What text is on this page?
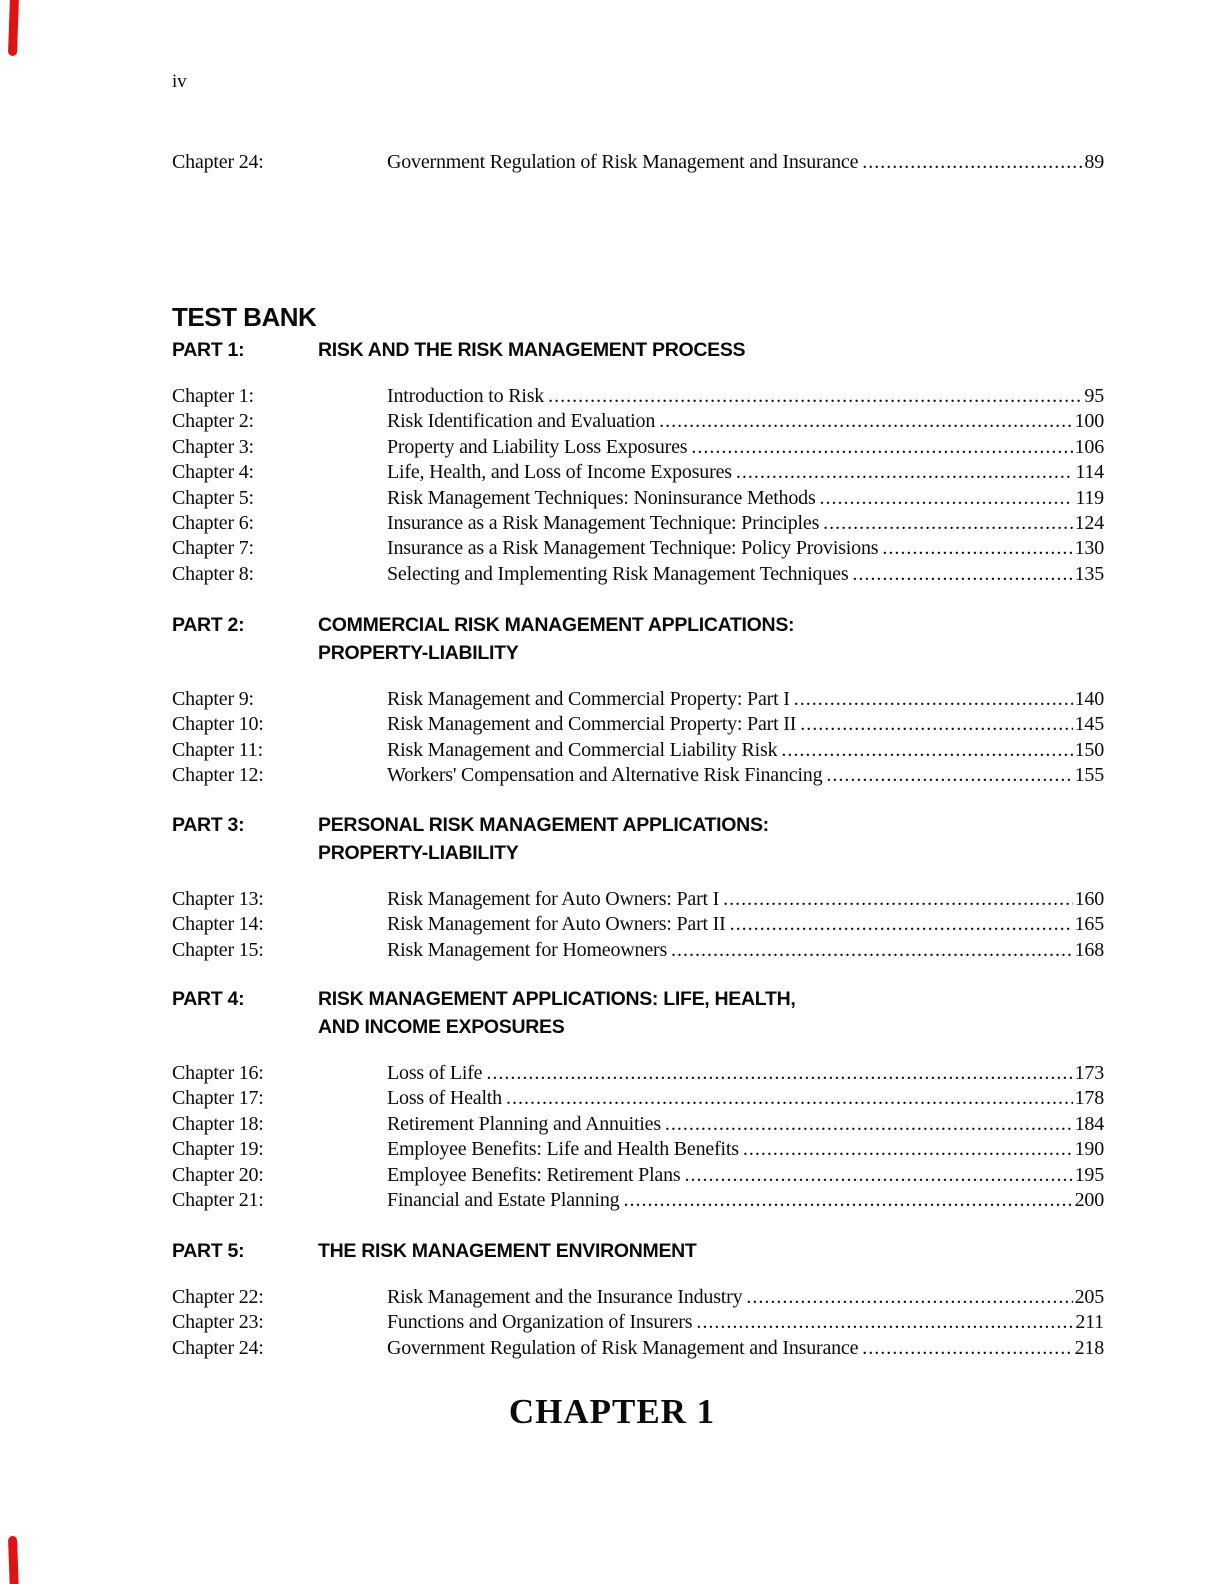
iv
Chapter 24:	Government Regulation of Risk Management and Insurance .....	89
TEST BANK
PART 1:	RISK AND THE RISK MANAGEMENT PROCESS
Chapter 1:	Introduction to Risk .....	95
Chapter 2:	Risk Identification and Evaluation .....	100
Chapter 3:	Property and Liability Loss Exposures .....	106
Chapter 4:	Life, Health, and Loss of Income Exposures .....	114
Chapter 5:	Risk Management Techniques: Noninsurance Methods .....	119
Chapter 6:	Insurance as a Risk Management Technique: Principles .....	124
Chapter 7:	Insurance as a Risk Management Technique: Policy Provisions .....	130
Chapter 8:	Selecting and Implementing Risk Management Techniques .....	135
PART 2:	COMMERCIAL RISK MANAGEMENT APPLICATIONS:
PROPERTY-LIABILITY
Chapter 9:	Risk Management and Commercial Property: Part I .....	140
Chapter 10:	Risk Management and Commercial Property: Part II .....	145
Chapter 11:	Risk Management and Commercial Liability Risk .....	150
Chapter 12:	Workers' Compensation and Alternative Risk Financing .....	155
PART 3:	PERSONAL RISK MANAGEMENT APPLICATIONS:
PROPERTY-LIABILITY
Chapter 13:	Risk Management for Auto Owners: Part I .....	160
Chapter 14:	Risk Management for Auto Owners: Part II .....	165
Chapter 15:	Risk Management for Homeowners .....	168
PART 4:	RISK MANAGEMENT APPLICATIONS: LIFE, HEALTH,
AND INCOME EXPOSURES
Chapter 16:	Loss of Life .....	173
Chapter 17:	Loss of Health .....	178
Chapter 18:	Retirement Planning and Annuities .....	184
Chapter 19:	Employee Benefits: Life and Health Benefits .....	190
Chapter 20:	Employee Benefits: Retirement Plans .....	195
Chapter 21:	Financial and Estate Planning .....	200
PART 5:	THE RISK MANAGEMENT ENVIRONMENT
Chapter 22:	Risk Management and the Insurance Industry .....	205
Chapter 23:	Functions and Organization of Insurers .....	211
Chapter 24:	Government Regulation of Risk Management and Insurance .....	218
CHAPTER 1
